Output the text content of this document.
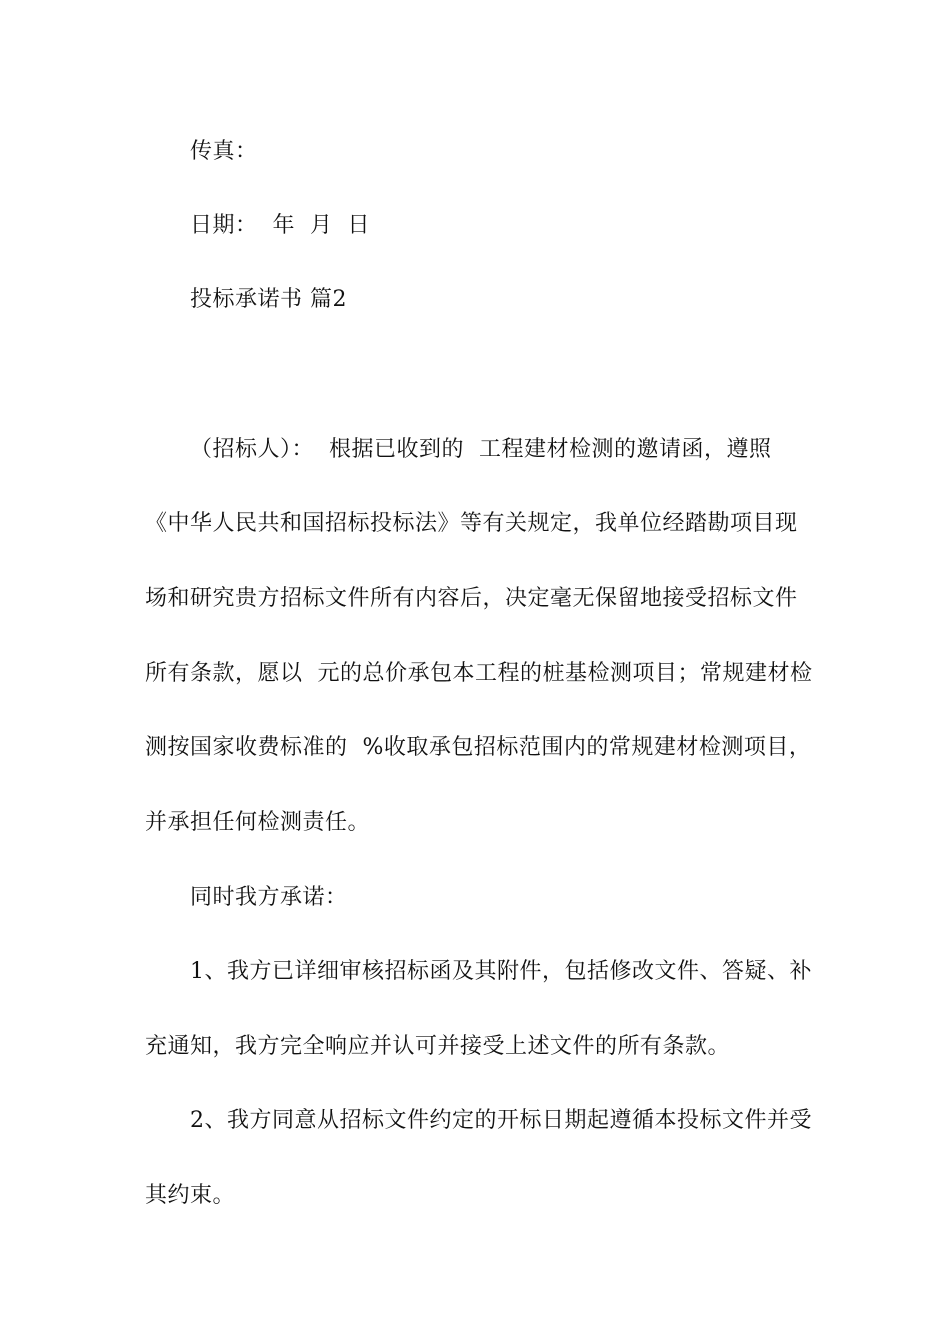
传真：
日期：  年  月  日
投标承诺书 篇2
（招标人）：  根据已收到的  工程建材检测的邀请函，遵照
《中华人民共和国招标投标法》等有关规定，我单位经踏勘项目现
场和研究贵方招标文件所有内容后，决定毫无保留地接受招标文件
所有条款，愿以  元的总价承包本工程的桩基检测项目；常规建材检
测按国家收费标准的  %收取承包招标范围内的常规建材检测项目，
并承担任何检测责任。
同时我方承诺：
1、我方已详细审核招标函及其附件，包括修改文件、答疑、补
充通知，我方完全响应并认可并接受上述文件的所有条款。
2、我方同意从招标文件约定的开标日期起遵循本投标文件并受
其约束。
